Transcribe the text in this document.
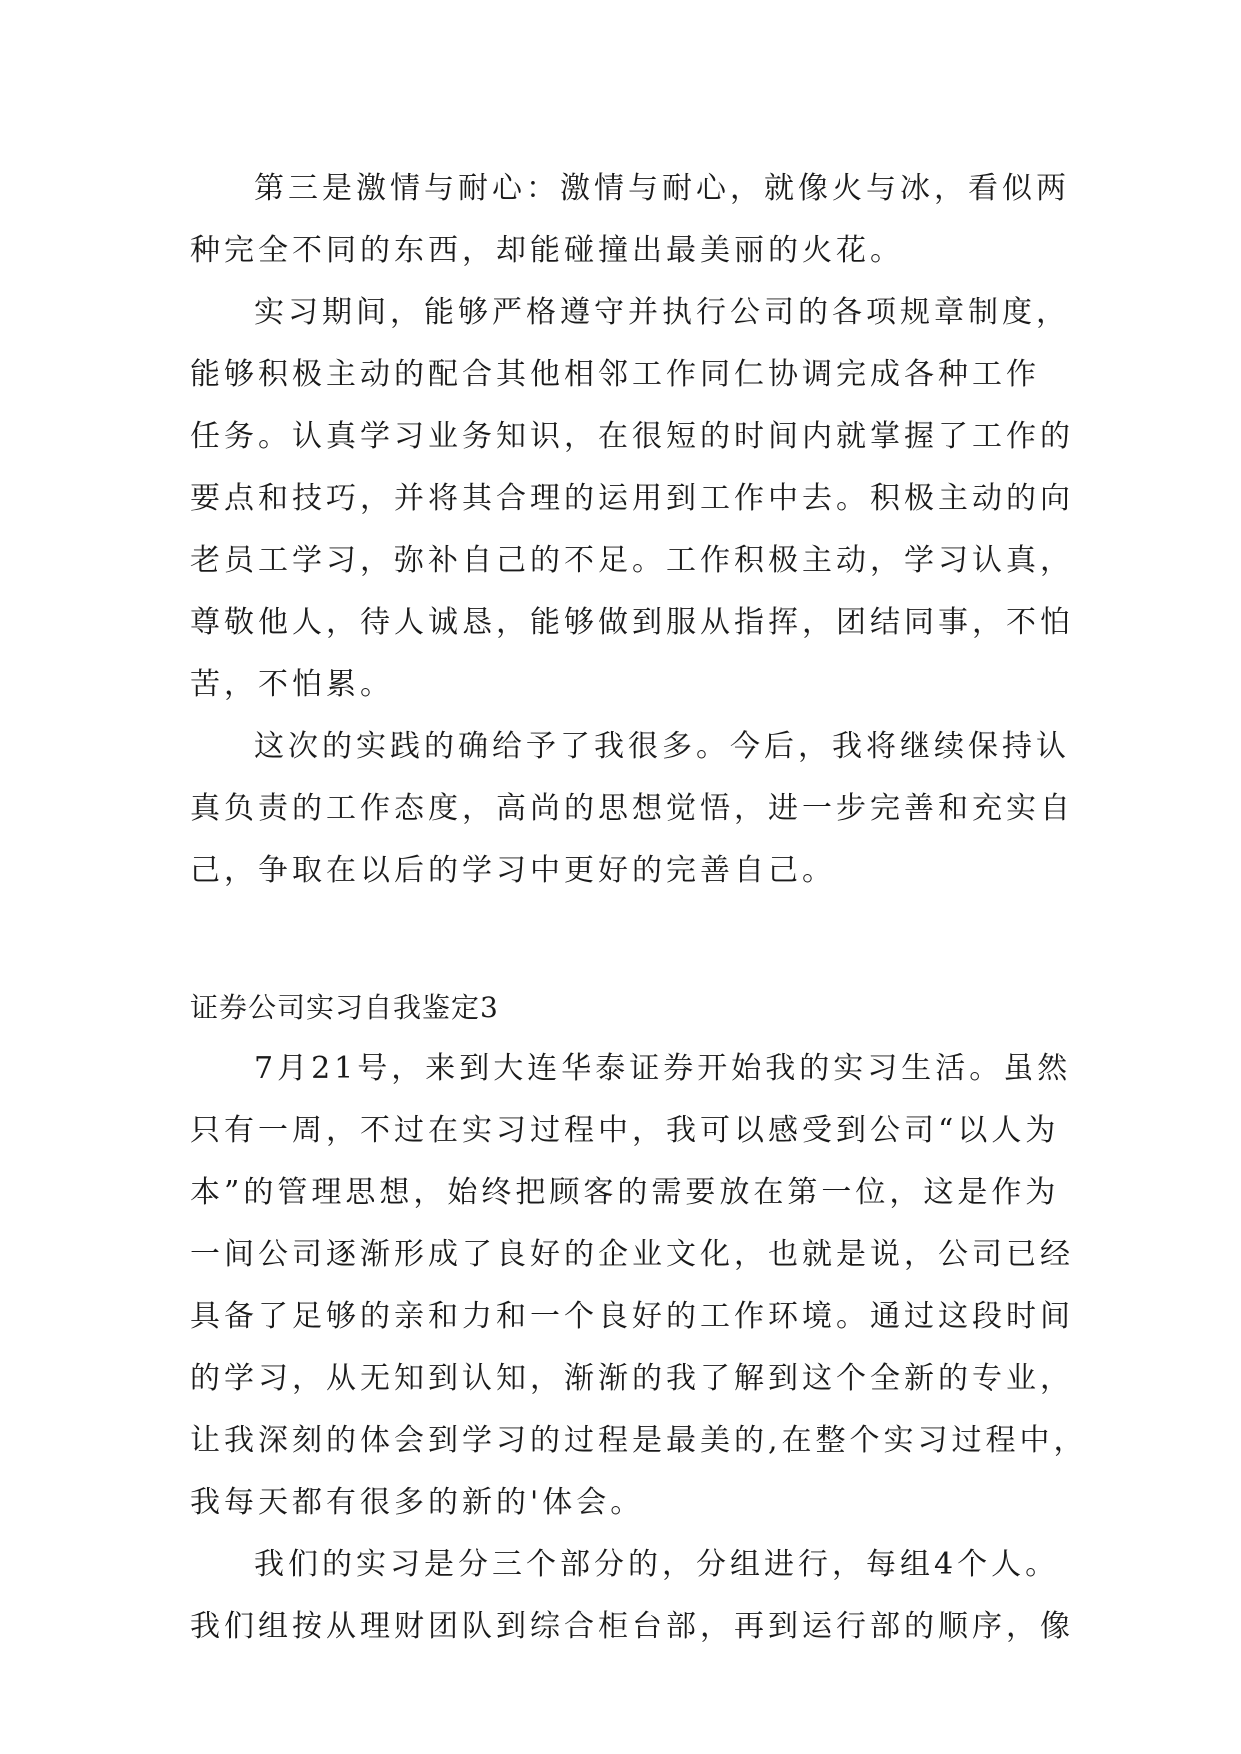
第三是激情与耐心：激情与耐心，就像火与冰，看似两
种完全不同的东西，却能碰撞出最美丽的火花。
实习期间，能够严格遵守并执行公司的各项规章制度，
能够积极主动的配合其他相邻工作同仁协调完成各种工作
任务。认真学习业务知识，在很短的时间内就掌握了工作的
要点和技巧，并将其合理的运用到工作中去。积极主动的向
老员工学习，弥补自己的不足。工作积极主动，学习认真，
尊敬他人，待人诚恳，能够做到服从指挥，团结同事，不怕
苦，不怕累。
这次的实践的确给予了我很多。今后，我将继续保持认
真负责的工作态度，高尚的思想觉悟，进一步完善和充实自
己，争取在以后的学习中更好的完善自己。
证券公司实习自我鉴定3
7月21号，来到大连华泰证券开始我的实习生活。虽然
只有一周，不过在实习过程中，我可以感受到公司“以人为
本”的管理思想，始终把顾客的需要放在第一位，这是作为
一间公司逐渐形成了良好的企业文化，也就是说，公司已经
具备了足够的亲和力和一个良好的工作环境。通过这段时间
的学习，从无知到认知，渐渐的我了解到这个全新的专业，
让我深刻的体会到学习的过程是最美的,在整个实习过程中，
我每天都有很多的新的'体会。
我们的实习是分三个部分的，分组进行，每组4个人。
我们组按从理财团队到综合柜台部，再到运行部的顺序，像
